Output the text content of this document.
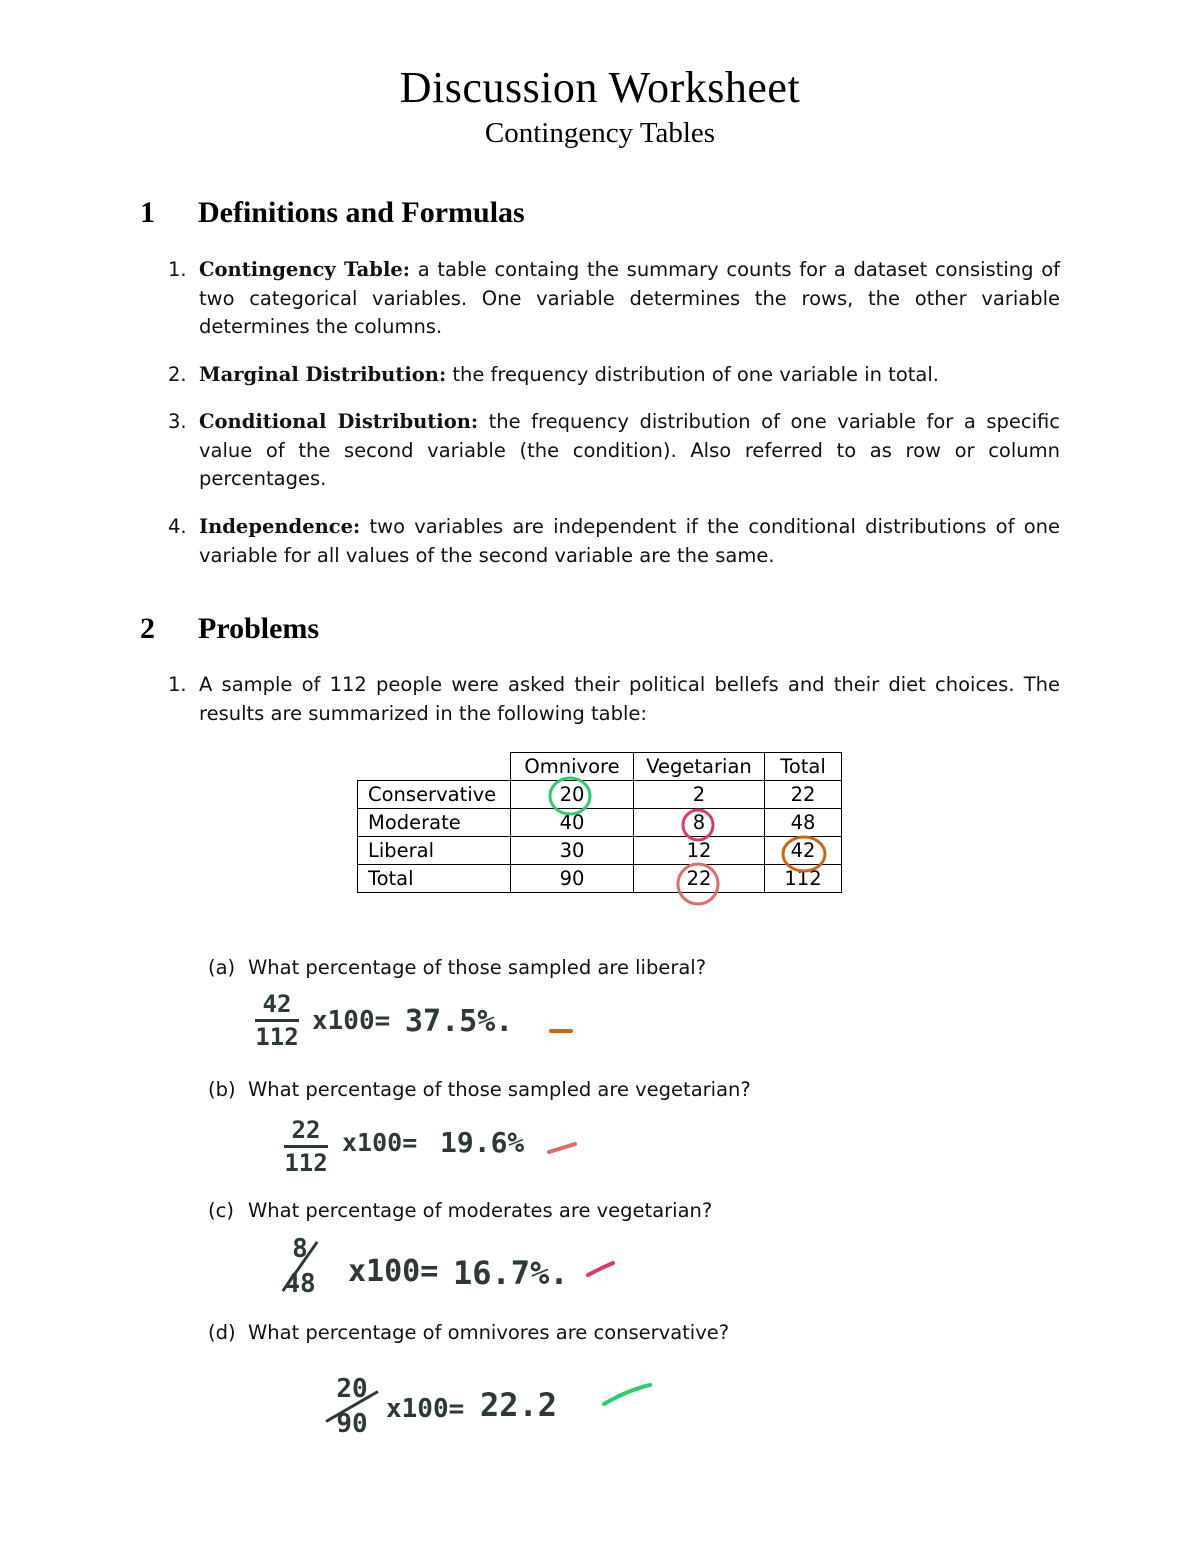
Discussion Worksheet
Contingency Tables
1 Definitions and Formulas
1. Contingency Table: a table containg the summary counts for a dataset consisting of two categorical variables. One variable determines the rows, the other variable determines the columns.
2. Marginal Distribution: the frequency distribution of one variable in total.
3. Conditional Distribution: the frequency distribution of one variable for a specific value of the second variable (the condition). Also referred to as row or column percentages.
4. Independence: two variables are independent if the conditional distributions of one variable for all values of the second variable are the same.
2 Problems
1. A sample of 112 people were asked their political bellefs and their diet choices. The results are summarized in the following table:
	Omnivore	Vegetarian	Total
Conservative	20	2	22
Moderate	40	8	48
Liberal	30	12	42
Total	90	22	112
(a) What percentage of those sampled are liberal?
42
112
x100= 37.5%.
(b) What percentage of those sampled are vegetarian?
22
112
x100= 19.6%
(c) What percentage of moderates are vegetarian?
8
48	x100= 16.7%.
(d) What percentage of omnivores are conservative?
20
90 x100= 22.2
